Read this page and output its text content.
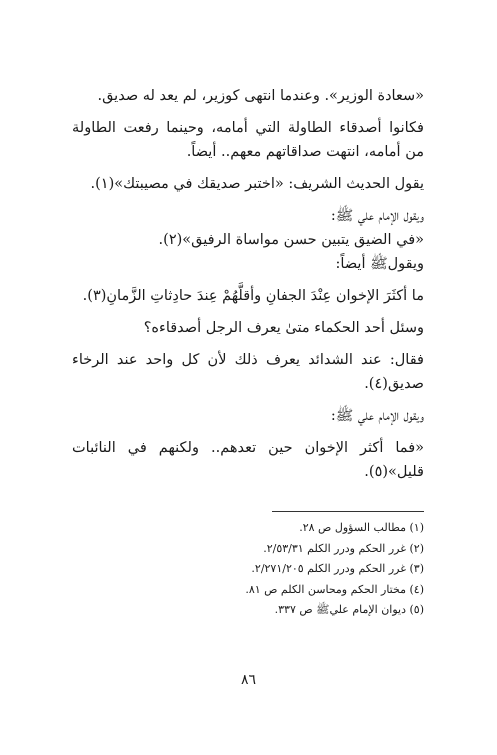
«سعادة الوزير». وعندما انتهى كوزير، لم يعد له صديق.

فكانوا أصدقاء الطاولة التي أمامه، وحينما رفعت الطاولة من أمامه، انتهت صداقاتهم معهم.. أيضاً.

يقول الحديث الشريف: «اختبر صديقك في مصيبتك»(١).

ويقول الإمام علي ﷺ:

«في الضيق يتبين حسن مواساة الرفيق»(٢).

ويقولﷺ أيضاً:

ما أكثَرَ الإخوان عِنْدَ الجفانِ وأقلَّهُمْ عِندَ حادِثاتِ الزَّمانِ(٣).

وسئل أحد الحكماء متىٰ يعرف الرجل أصدقاءه؟

فقال: عند الشدائد يعرف ذلك لأن كل واحد عند الرخاء صديق(٤).

ويقول الإمام علي ﷺ:

«فما أكثر الإخوان حين تعدهم.. ولكنهم في النائبات قليل»(٥).

(١) مطالب السؤول ص ٢٨.

(٢) غرر الحكم ودرر الكلم ٢/٥٣/٣١.

(٣) غرر الحكم ودرر الكلم ٢/٢٧١/٢٠٥.

(٤) مختار الحكم ومحاسن الكلم ص ٨١.

(٥) ديوان الإمام عليﷺ ص ٣٣٧.

٨٦
